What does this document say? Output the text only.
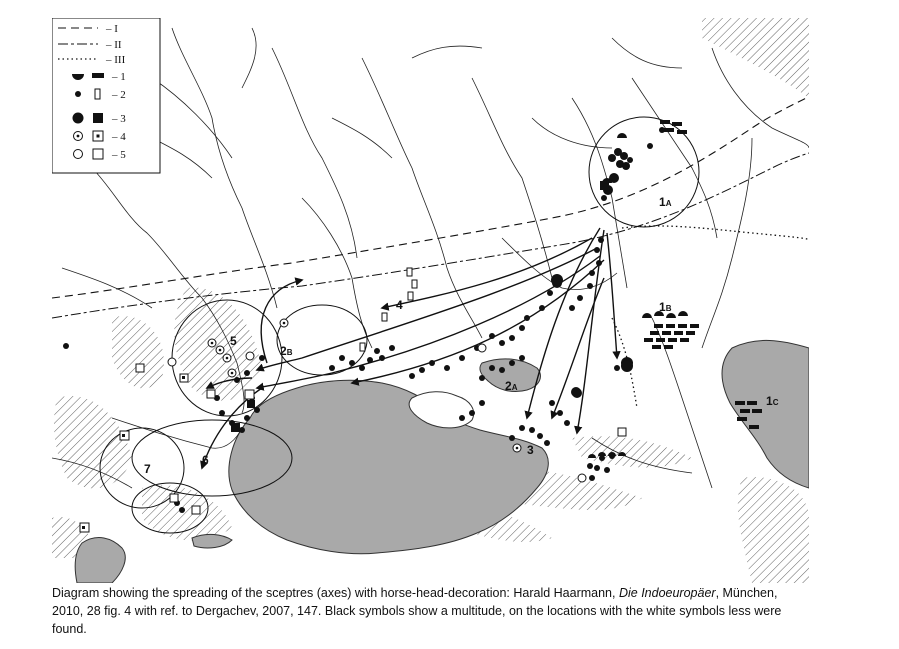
1A
1B
1C
2A
2B
3
4
5
6
7
– I
– II
– III
– 1
– 2
– 3
– 4
– 5
Diagram showing the spreading of the sceptres (axes) with horse-head-decoration: Harald Haarmann, Die Indoeuropäer, München, 2010, 28 fig. 4 with ref. to Dergachev, 2007, 147. Black symbols show a multitude, on the locations with the white symbols less were found.
